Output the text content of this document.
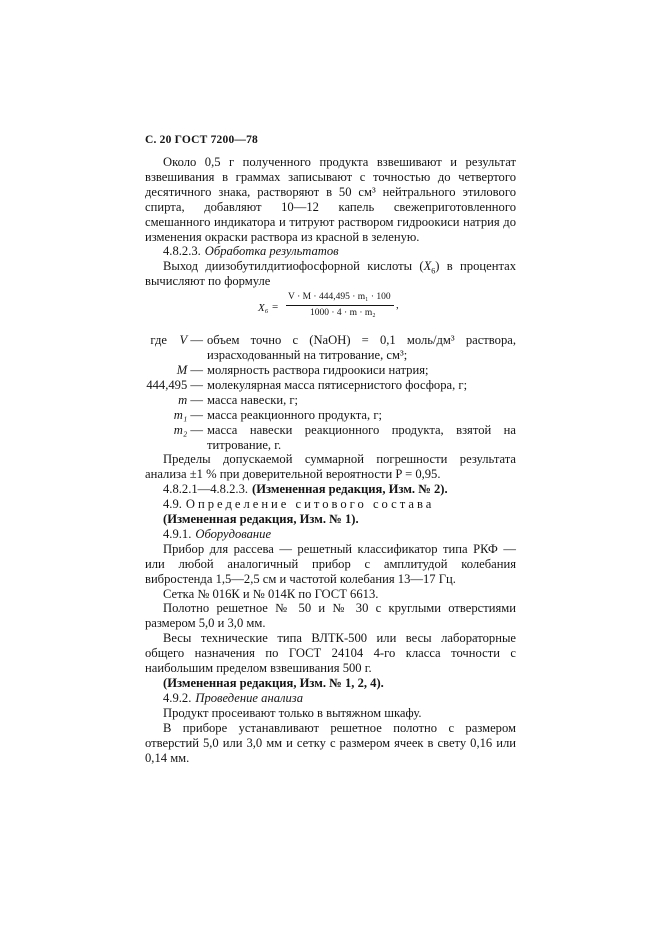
С. 20 ГОСТ 7200—78

Около 0,5 г полученного продукта взвешивают и результат взвешивания в граммах записывают с точностью до четвертого десятичного знака, растворяют в 50 см³ нейтрального этилового спирта, добавляют 10—12 капель свежеприготовленного смешанного индикатора и титруют раствором гидроокиси натрия до изменения окраски раствора из красной в зеленую.

4.8.2.3. Обработка результатов

Выход диизобутилдитиофосфорной кислоты $(X_6)$ в процентах вычисляют по формуле

X₆ =
V · M · 444,495 · m₁ · 100
1000 · 4 · m · m₂
,
где V — объем точно с (NaOH) = 0,1 моль/дм³ раствора, израсходованный на титрование, см³;
M — молярность раствора гидроокиси натрия;
444,495 — молекулярная масса пятисернистого фосфора, г;
m — масса навески, г;
m₁ — масса реакционного продукта, г;
m₂ — масса навески реакционного продукта, взятой на титрование, г.

Пределы допускаемой суммарной погрешности результата анализа ±1 % при доверительной вероятности P = 0,95.

4.8.2.1—4.8.2.3. (Измененная редакция, Изм. № 2).

4.9. Определение ситового состава

(Измененная редакция, Изм. № 1).

4.9.1. Оборудование

Прибор для рассева — решетный классификатор типа РКФ — или любой аналогичный прибор с амплитудой колебания вибростенда 1,5—2,5 см и частотой колебания 13—17 Гц.

Сетка № 016К и № 014К по ГОСТ 6613.

Полотно решетное № 50 и № 30 с круглыми отверстиями размером 5,0 и 3,0 мм.

Весы технические типа ВЛТК-500 или весы лабораторные общего назначения по ГОСТ 24104 4-го класса точности с наибольшим пределом взвешивания 500 г.

(Измененная редакция, Изм. № 1, 2, 4).

4.9.2. Проведение анализа

Продукт просеивают только в вытяжном шкафу.

В приборе устанавливают решетное полотно с размером отверстий 5,0 или 3,0 мм и сетку с размером ячеек в свету 0,16 или 0,14 мм.
